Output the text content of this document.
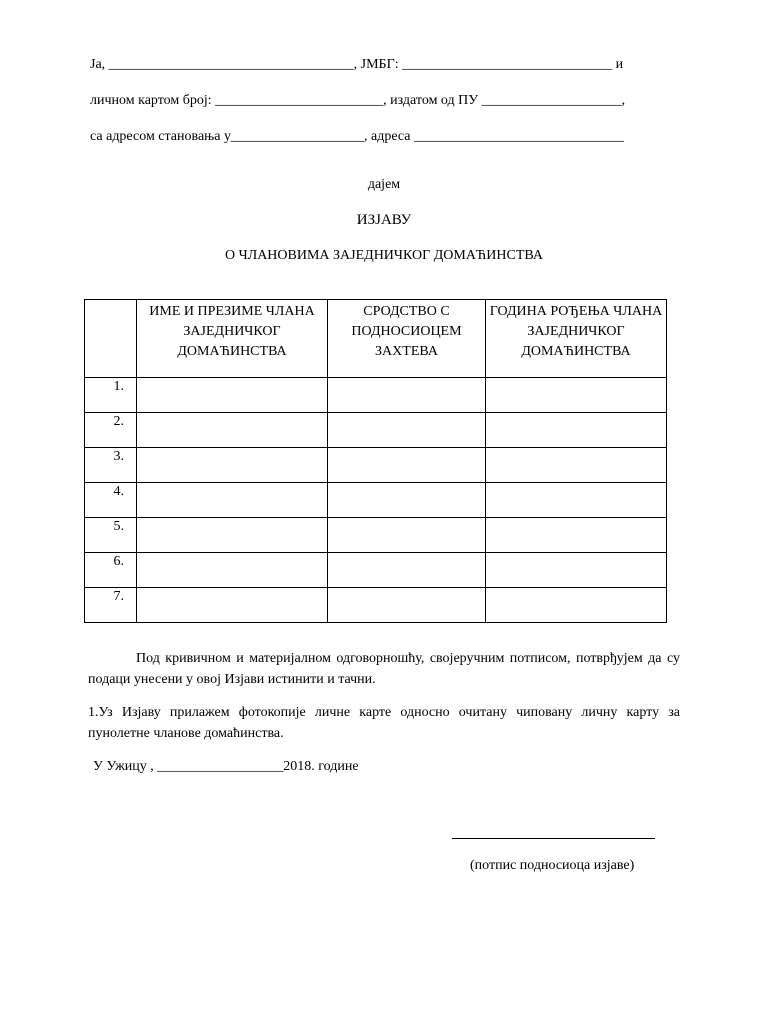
Ја, ___________________________________, ЈМБГ: ______________________________ и
личном картом број: ________________________, издатом од ПУ ____________________,
са адресом становања у___________________, адреса ______________________________
дајем
ИЗЈАВУ
О ЧЛАНОВИМА ЗАЈЕДНИЧКОГ ДОМАЋИНСТВА
	ИМЕ И ПРЕЗИМЕ ЧЛАНА ЗАЈЕДНИЧКОГ ДОМАЋИНСТВА	СРОДСТВО С ПОДНОСИОЦЕМ ЗАХТЕВА	ГОДИНА РОЂЕЊА ЧЛАНА ЗАЈЕДНИЧКОГ ДОМАЋИНСТВА
1.			
2.			
3.			
4.			
5.			
6.			
7.			
Под кривичном и материјалном одговорношћу, својеручним потписом, потврђујем да су подаци унесени у овој Изјави истинити и тачни.
1.Уз Изјаву прилажем фотокопије личне карте односно очитану чиповану личну карту за пунолетне чланове домаћинства.
У Ужицу , __________________2018. године
(потпис подносиоца изјаве)
